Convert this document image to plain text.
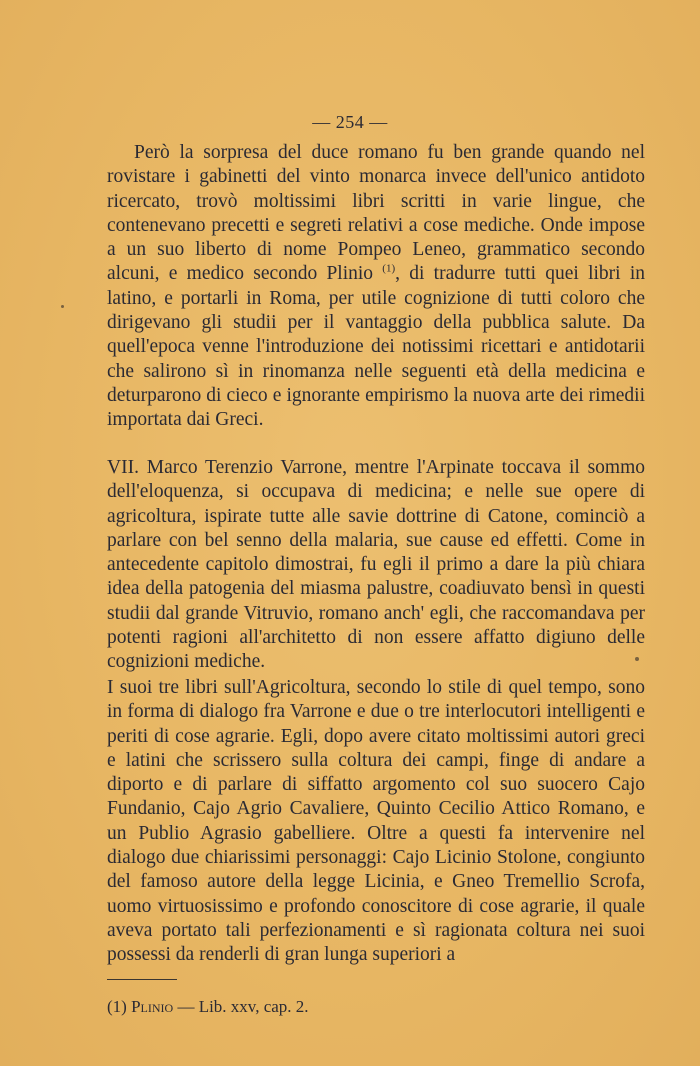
— 254 —

Però la sorpresa del duce romano fu ben grande quando nel rovistare i gabinetti del vinto monarca invece dell'unico antidoto ricercato, trovò moltissimi libri scritti in varie lingue, che contenevano precetti e segreti relativi a cose mediche. Onde impose a un suo liberto di nome Pompeo Leneo, grammatico secondo alcuni, e medico secondo Plinio $^{(1)}$, di tradurre tutti quei libri in latino, e portarli in Roma, per utile cognizione di tutti coloro che dirigevano gli studii per il vantaggio della pubblica salute. Da quell'epoca venne l'introduzione dei notissimi ricettari e antidotarii che salirono sì in rinomanza nelle seguenti età della medicina e deturparono di cieco e ignorante empirismo la nuova arte dei rimedii importata dai Greci.

VII. Marco Terenzio Varrone, mentre l'Arpinate toccava il sommo dell'eloquenza, si occupava di medicina; e nelle sue opere di agricoltura, ispirate tutte alle savie dottrine di Catone, cominciò a parlare con bel senno della malaria, sue cause ed effetti. Come in antecedente capitolo dimostrai, fu egli il primo a dare la più chiara idea della patogenia del miasma palustre, coadiuvato bensì in questi studii dal grande Vitruvio, romano anch' egli, che raccomandava per potenti ragioni all'architetto di non essere affatto digiuno delle cognizioni mediche.

I suoi tre libri sull'Agricoltura, secondo lo stile di quel tempo, sono in forma di dialogo fra Varrone e due o tre interlocutori intelligenti e periti di cose agrarie. Egli, dopo avere citato moltissimi autori greci e latini che scrissero sulla coltura dei campi, finge di andare a diporto e di parlare di siffatto argomento col suo suocero Cajo Fundanio, Cajo Agrio Cavaliere, Quinto Cecilio Attico Romano, e un Publio Agrasio gabelliere. Oltre a questi fa intervenire nel dialogo due chiarissimi personaggi: Cajo Licinio Stolone, congiunto del famoso autore della legge Licinia, e Gneo Tremellio Scrofa, uomo virtuosissimo e profondo conoscitore di cose agrarie, il quale aveva portato tali perfezionamenti e sì ragionata coltura nei suoi possessi da renderli di gran lunga superiori a

(1) Plinio — Lib. xxv, cap. 2.
